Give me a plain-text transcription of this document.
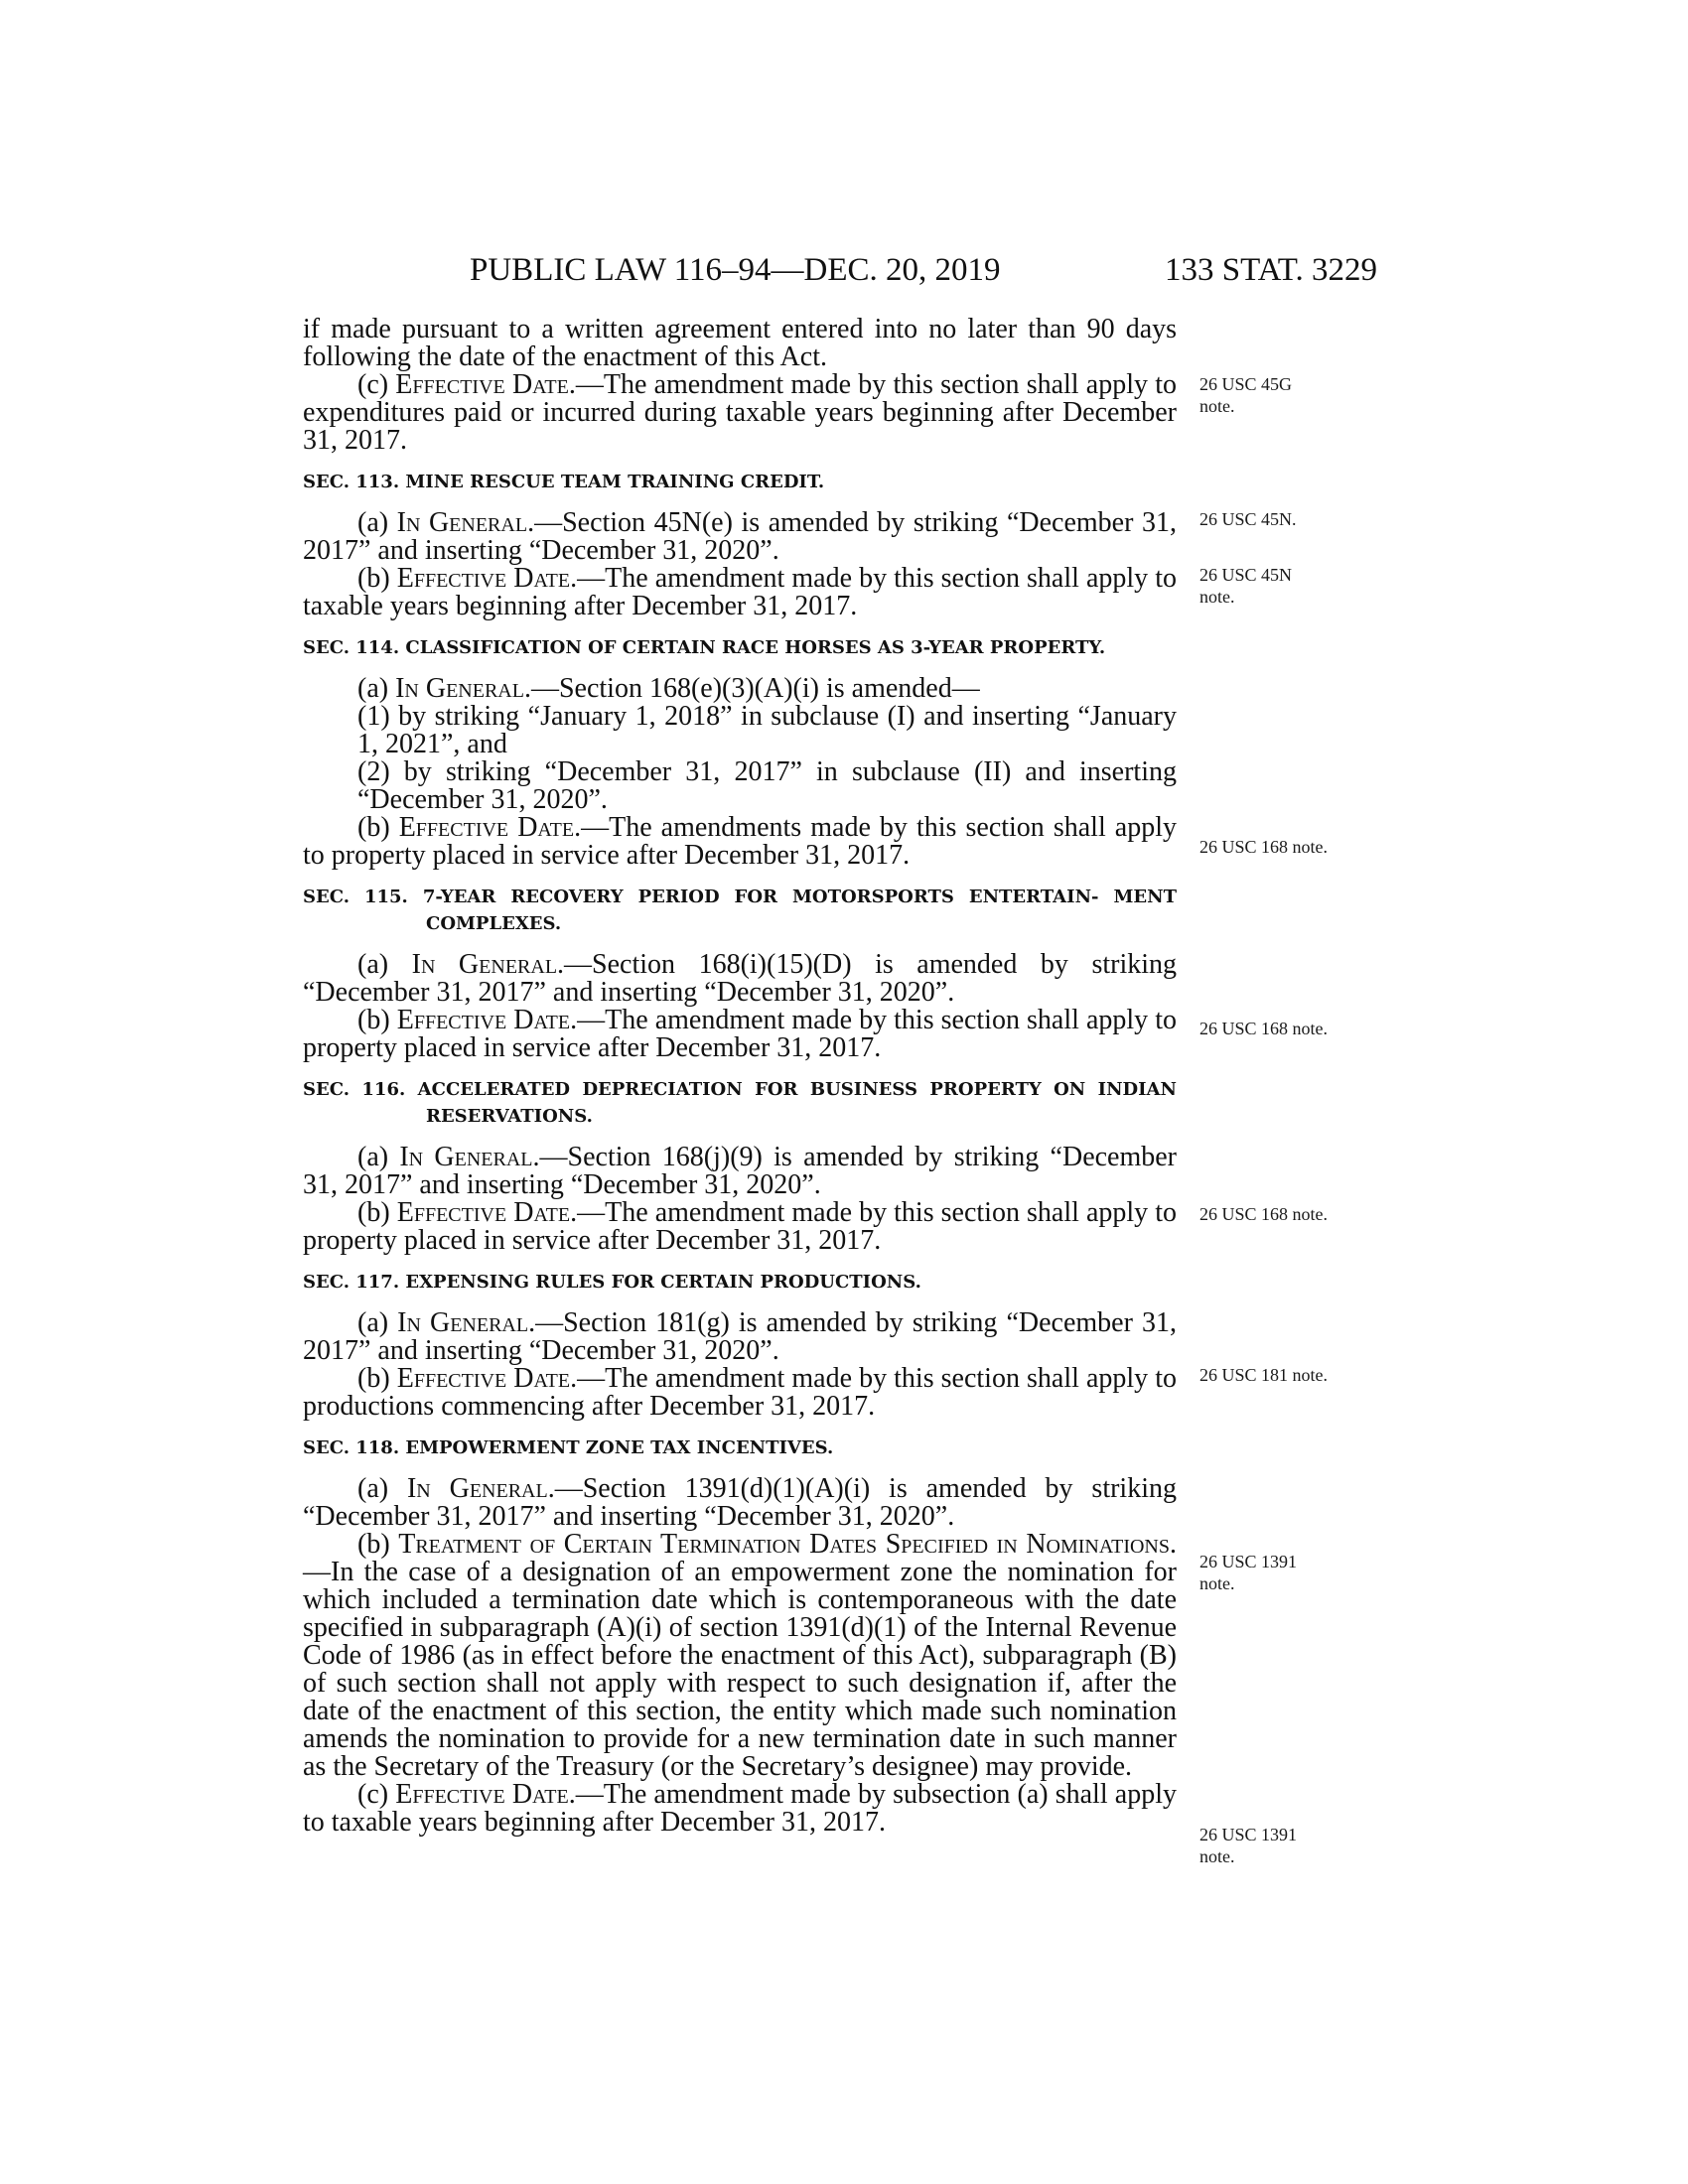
PUBLIC LAW 116–94—DEC. 20, 2019	133 STAT. 3229

if made pursuant to a written agreement entered into no later than 90 days following the date of the enactment of this Act.

(c) Effective Date.—The amendment made by this section shall apply to expenditures paid or incurred during taxable years beginning after December 31, 2017.

SEC. 113. MINE RESCUE TEAM TRAINING CREDIT.

(a) In General.—Section 45N(e) is amended by striking “December 31, 2017” and inserting “December 31, 2020”.

(b) Effective Date.—The amendment made by this section shall apply to taxable years beginning after December 31, 2017.

SEC. 114. CLASSIFICATION OF CERTAIN RACE HORSES AS 3-YEAR PROPERTY.

(a) In General.—Section 168(e)(3)(A)(i) is amended—

(1) by striking “January 1, 2018” in subclause (I) and inserting “January 1, 2021”, and

(2) by striking “December 31, 2017” in subclause (II) and inserting “December 31, 2020”.

(b) Effective Date.—The amendments made by this section shall apply to property placed in service after December 31, 2017.

SEC. 115. 7-YEAR RECOVERY PERIOD FOR MOTORSPORTS ENTERTAIN- MENT COMPLEXES.

(a) In General.—Section 168(i)(15)(D) is amended by striking “December 31, 2017” and inserting “December 31, 2020”.

(b) Effective Date.—The amendment made by this section shall apply to property placed in service after December 31, 2017.

SEC. 116. ACCELERATED DEPRECIATION FOR BUSINESS PROPERTY ON INDIAN RESERVATIONS.

(a) In General.—Section 168(j)(9) is amended by striking “December 31, 2017” and inserting “December 31, 2020”.

(b) Effective Date.—The amendment made by this section shall apply to property placed in service after December 31, 2017.

SEC. 117. EXPENSING RULES FOR CERTAIN PRODUCTIONS.

(a) In General.—Section 181(g) is amended by striking “December 31, 2017” and inserting “December 31, 2020”.

(b) Effective Date.—The amendment made by this section shall apply to productions commencing after December 31, 2017.

SEC. 118. EMPOWERMENT ZONE TAX INCENTIVES.

(a) In General.—Section 1391(d)(1)(A)(i) is amended by striking “December 31, 2017” and inserting “December 31, 2020”.

(b) Treatment of Certain Termination Dates Specified in Nominations.—In the case of a designation of an empowerment zone the nomination for which included a termination date which is contemporaneous with the date specified in subparagraph (A)(i) of section 1391(d)(1) of the Internal Revenue Code of 1986 (as in effect before the enactment of this Act), subparagraph (B) of such section shall not apply with respect to such designation if, after the date of the enactment of this section, the entity which made such nomination amends the nomination to provide for a new termination date in such manner as the Secretary of the Treasury (or the Secretary’s designee) may provide.

(c) Effective Date.—The amendment made by subsection (a) shall apply to taxable years beginning after December 31, 2017.

26 USC 45G
note.
26 USC 45N.
26 USC 45N
note.
26 USC 168 note.
26 USC 168 note.
26 USC 168 note.
26 USC 181 note.
26 USC 1391
note.
26 USC 1391
note.
